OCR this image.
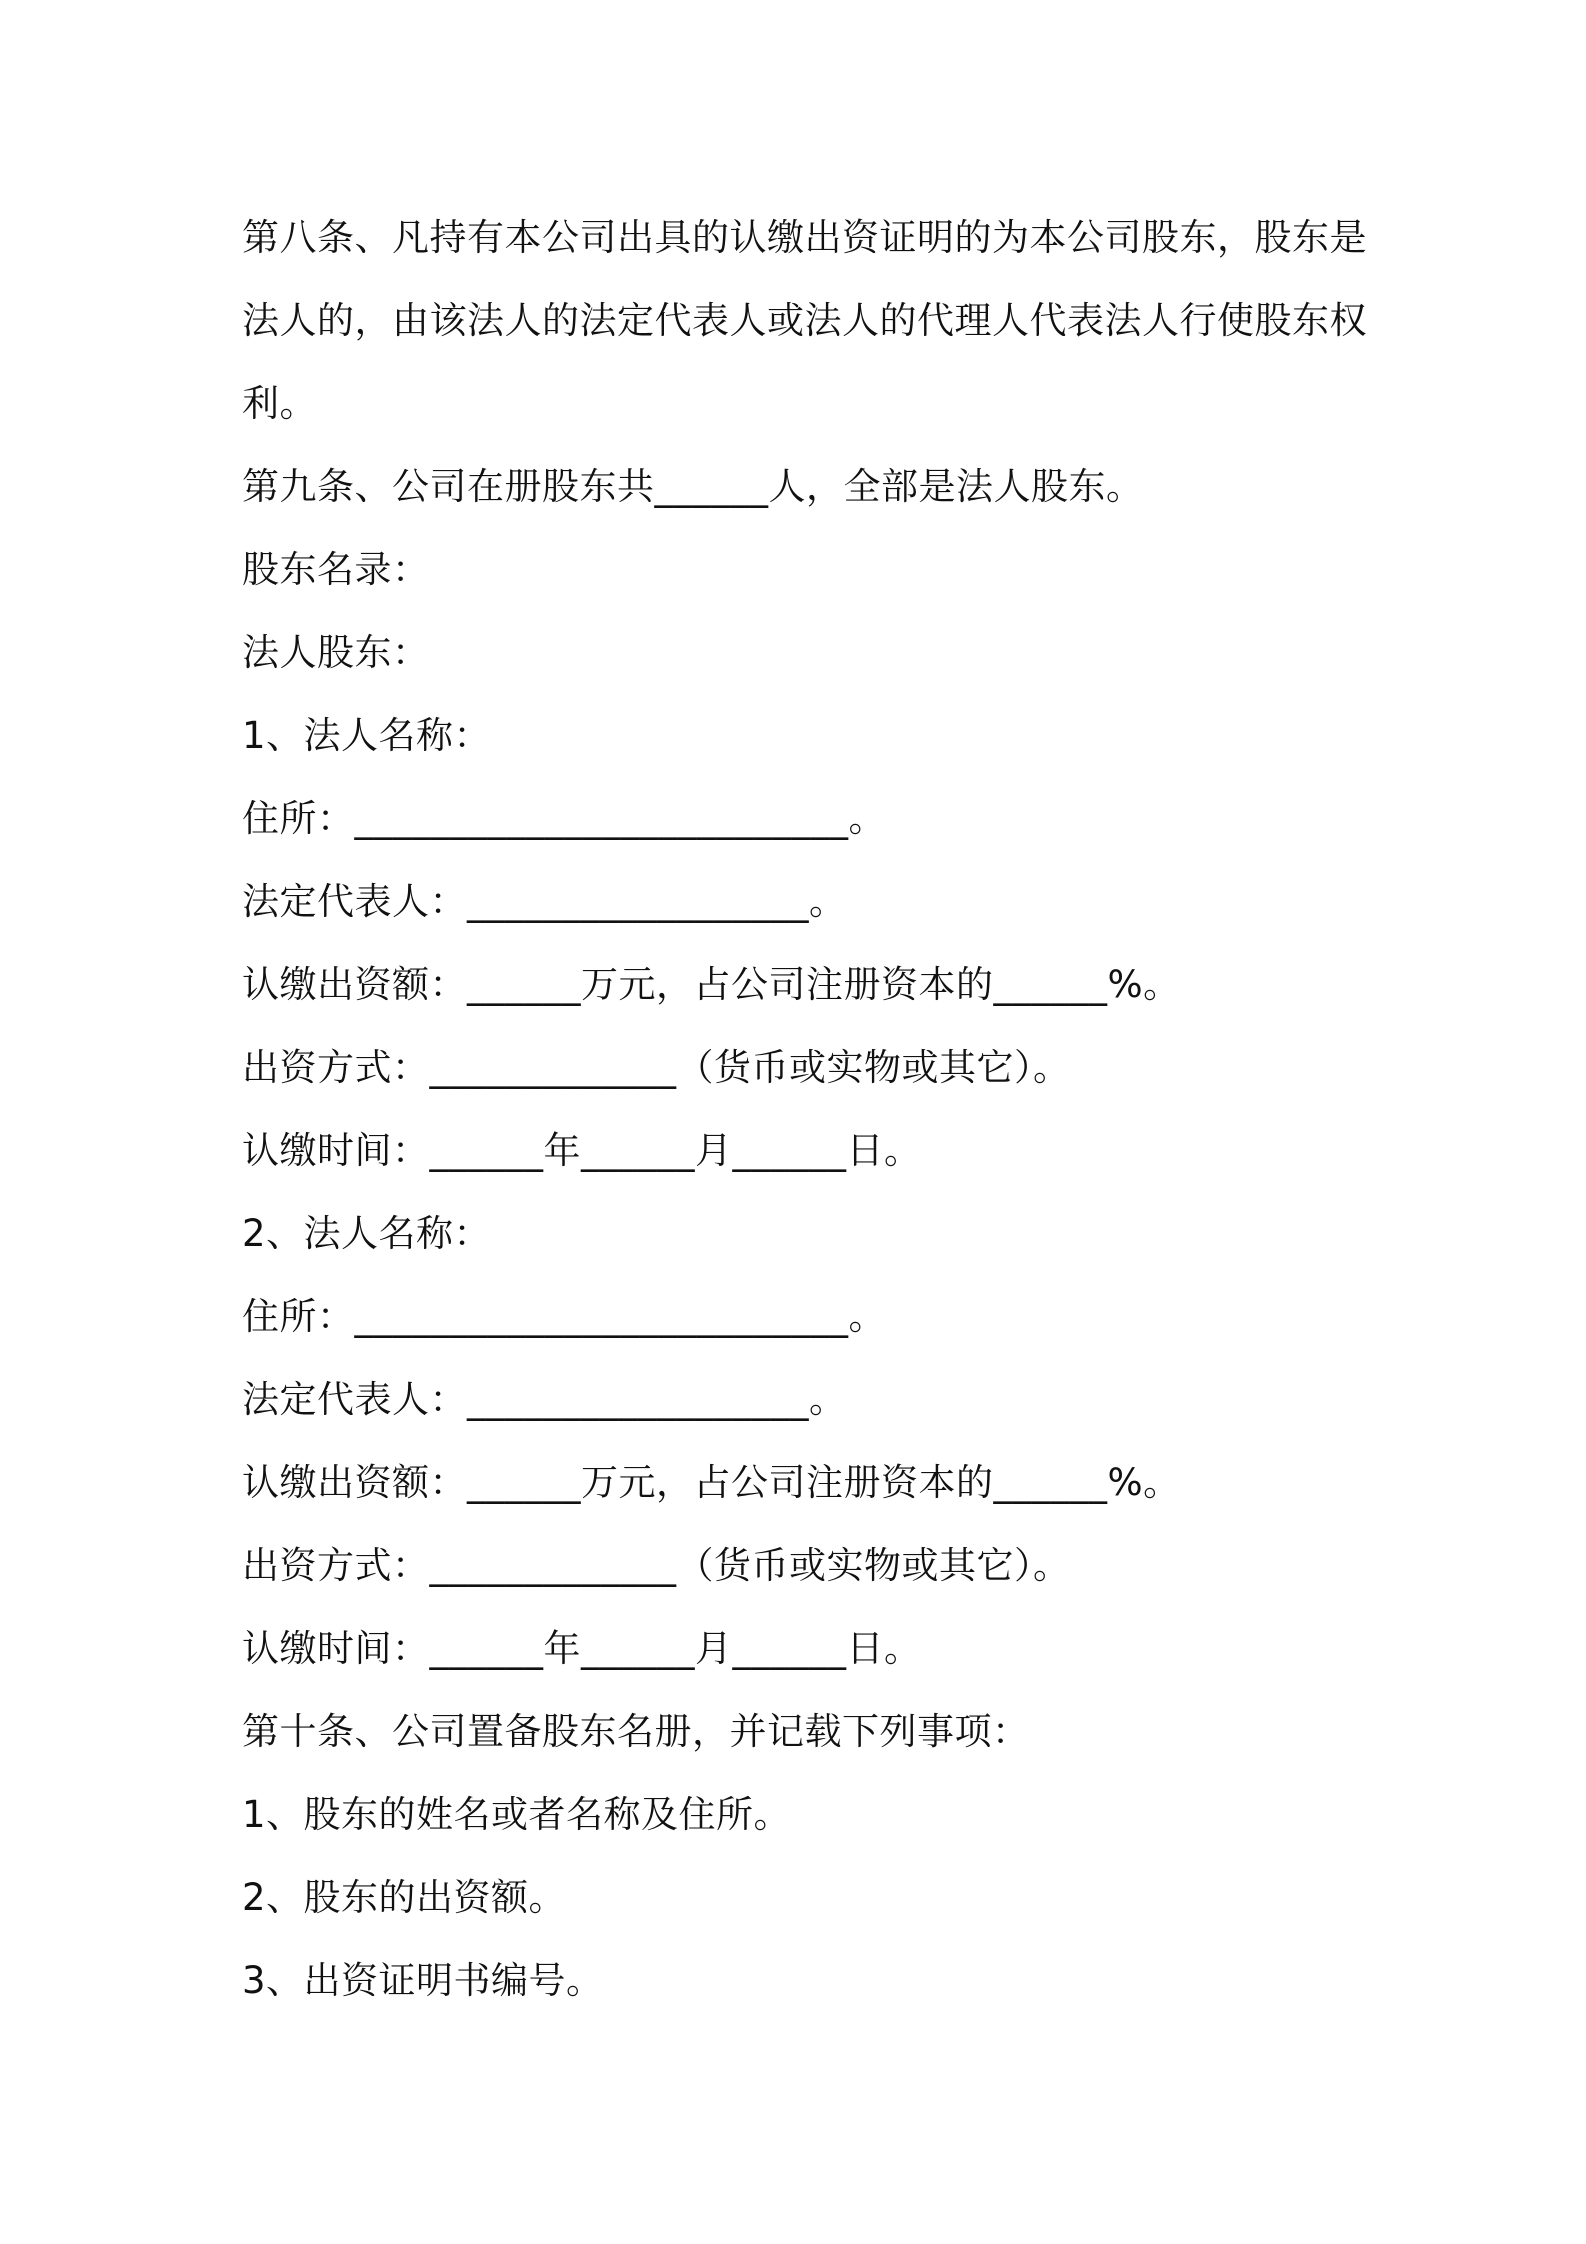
第八条、凡持有本公司出具的认缴出资证明的为本公司股东，股东是
法人的，由该法人的法定代表人或法人的代理人代表法人行使股东权
利。
第九条、公司在册股东共______人，全部是法人股东。
股东名录：
法人股东：
1、法人名称：
住所：__________________________。
法定代表人：__________________。
认缴出资额：______万元，占公司注册资本的______%。
出资方式：_____________（货币或实物或其它）。
认缴时间：______年______月______日。
2、法人名称：
住所：__________________________。
法定代表人：__________________。
认缴出资额：______万元，占公司注册资本的______%。
出资方式：_____________（货币或实物或其它）。
认缴时间：______年______月______日。
第十条、公司置备股东名册，并记载下列事项：
1、股东的姓名或者名称及住所。
2、股东的出资额。
3、出资证明书编号。
